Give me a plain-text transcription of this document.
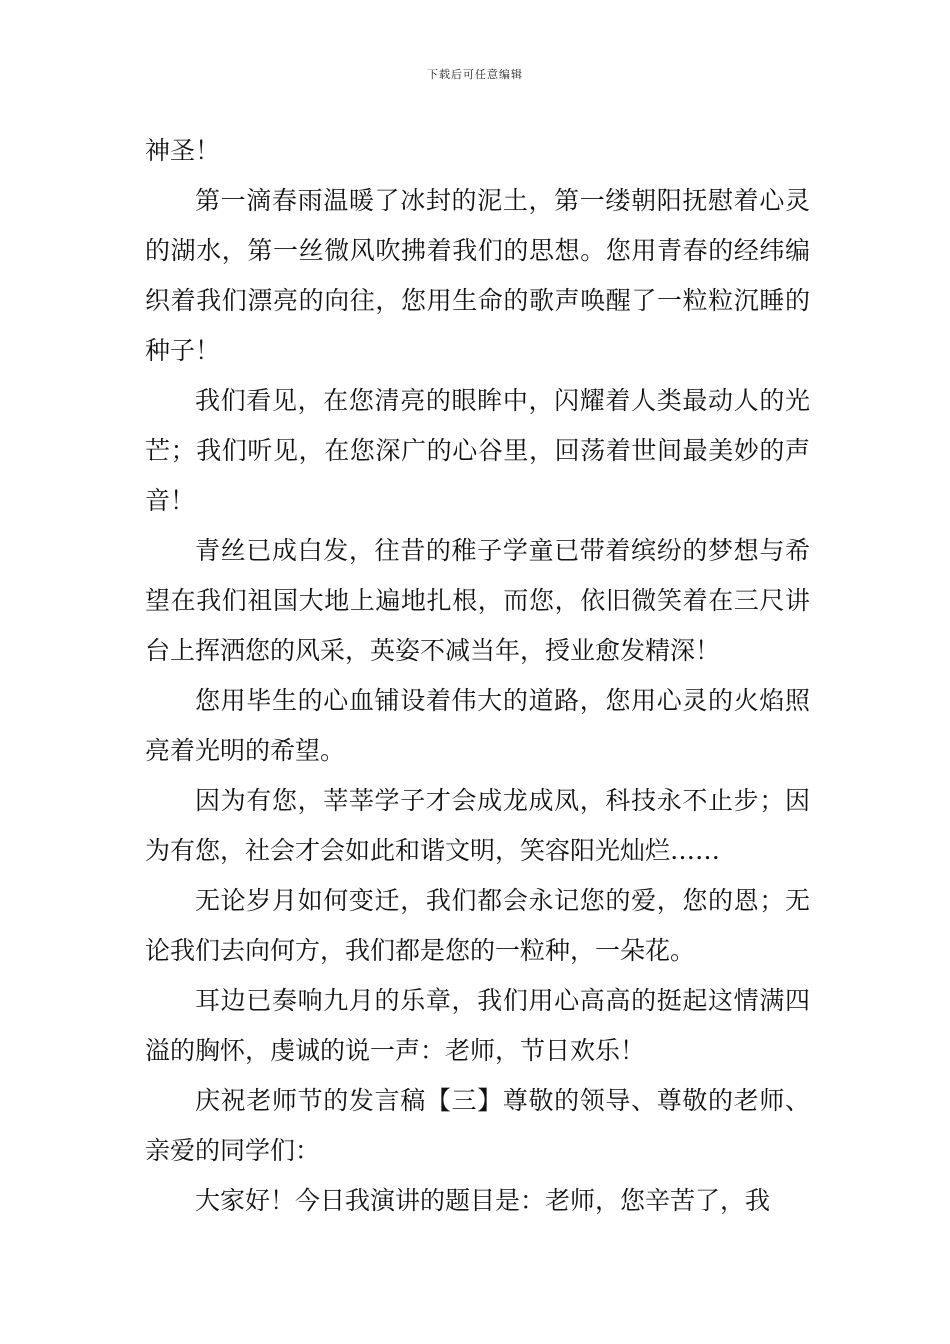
下载后可任意编辑

神圣！

第一滴春雨温暖了冰封的泥土，第一缕朝阳抚慰着心灵的湖水，第一丝微风吹拂着我们的思想。您用青春的经纬编织着我们漂亮的向往，您用生命的歌声唤醒了一粒粒沉睡的种子！

我们看见，在您清亮的眼眸中，闪耀着人类最动人的光芒；我们听见，在您深广的心谷里，回荡着世间最美妙的声音！

青丝已成白发，往昔的稚子学童已带着缤纷的梦想与希望在我们祖国大地上遍地扎根，而您，依旧微笑着在三尺讲台上挥洒您的风采，英姿不减当年，授业愈发精深！

您用毕生的心血铺设着伟大的道路，您用心灵的火焰照亮着光明的希望。

因为有您，莘莘学子才会成龙成凤，科技永不止步；因为有您，社会才会如此和谐文明，笑容阳光灿烂……

无论岁月如何变迁，我们都会永记您的爱，您的恩；无论我们去向何方，我们都是您的一粒种，一朵花。

耳边已奏响九月的乐章，我们用心高高的挺起这情满四溢的胸怀，虔诚的说一声：老师，节日欢乐！

庆祝老师节的发言稿【三】尊敬的领导、尊敬的老师、亲爱的同学们：

大家好！今日我演讲的题目是：老师，您辛苦了，我
